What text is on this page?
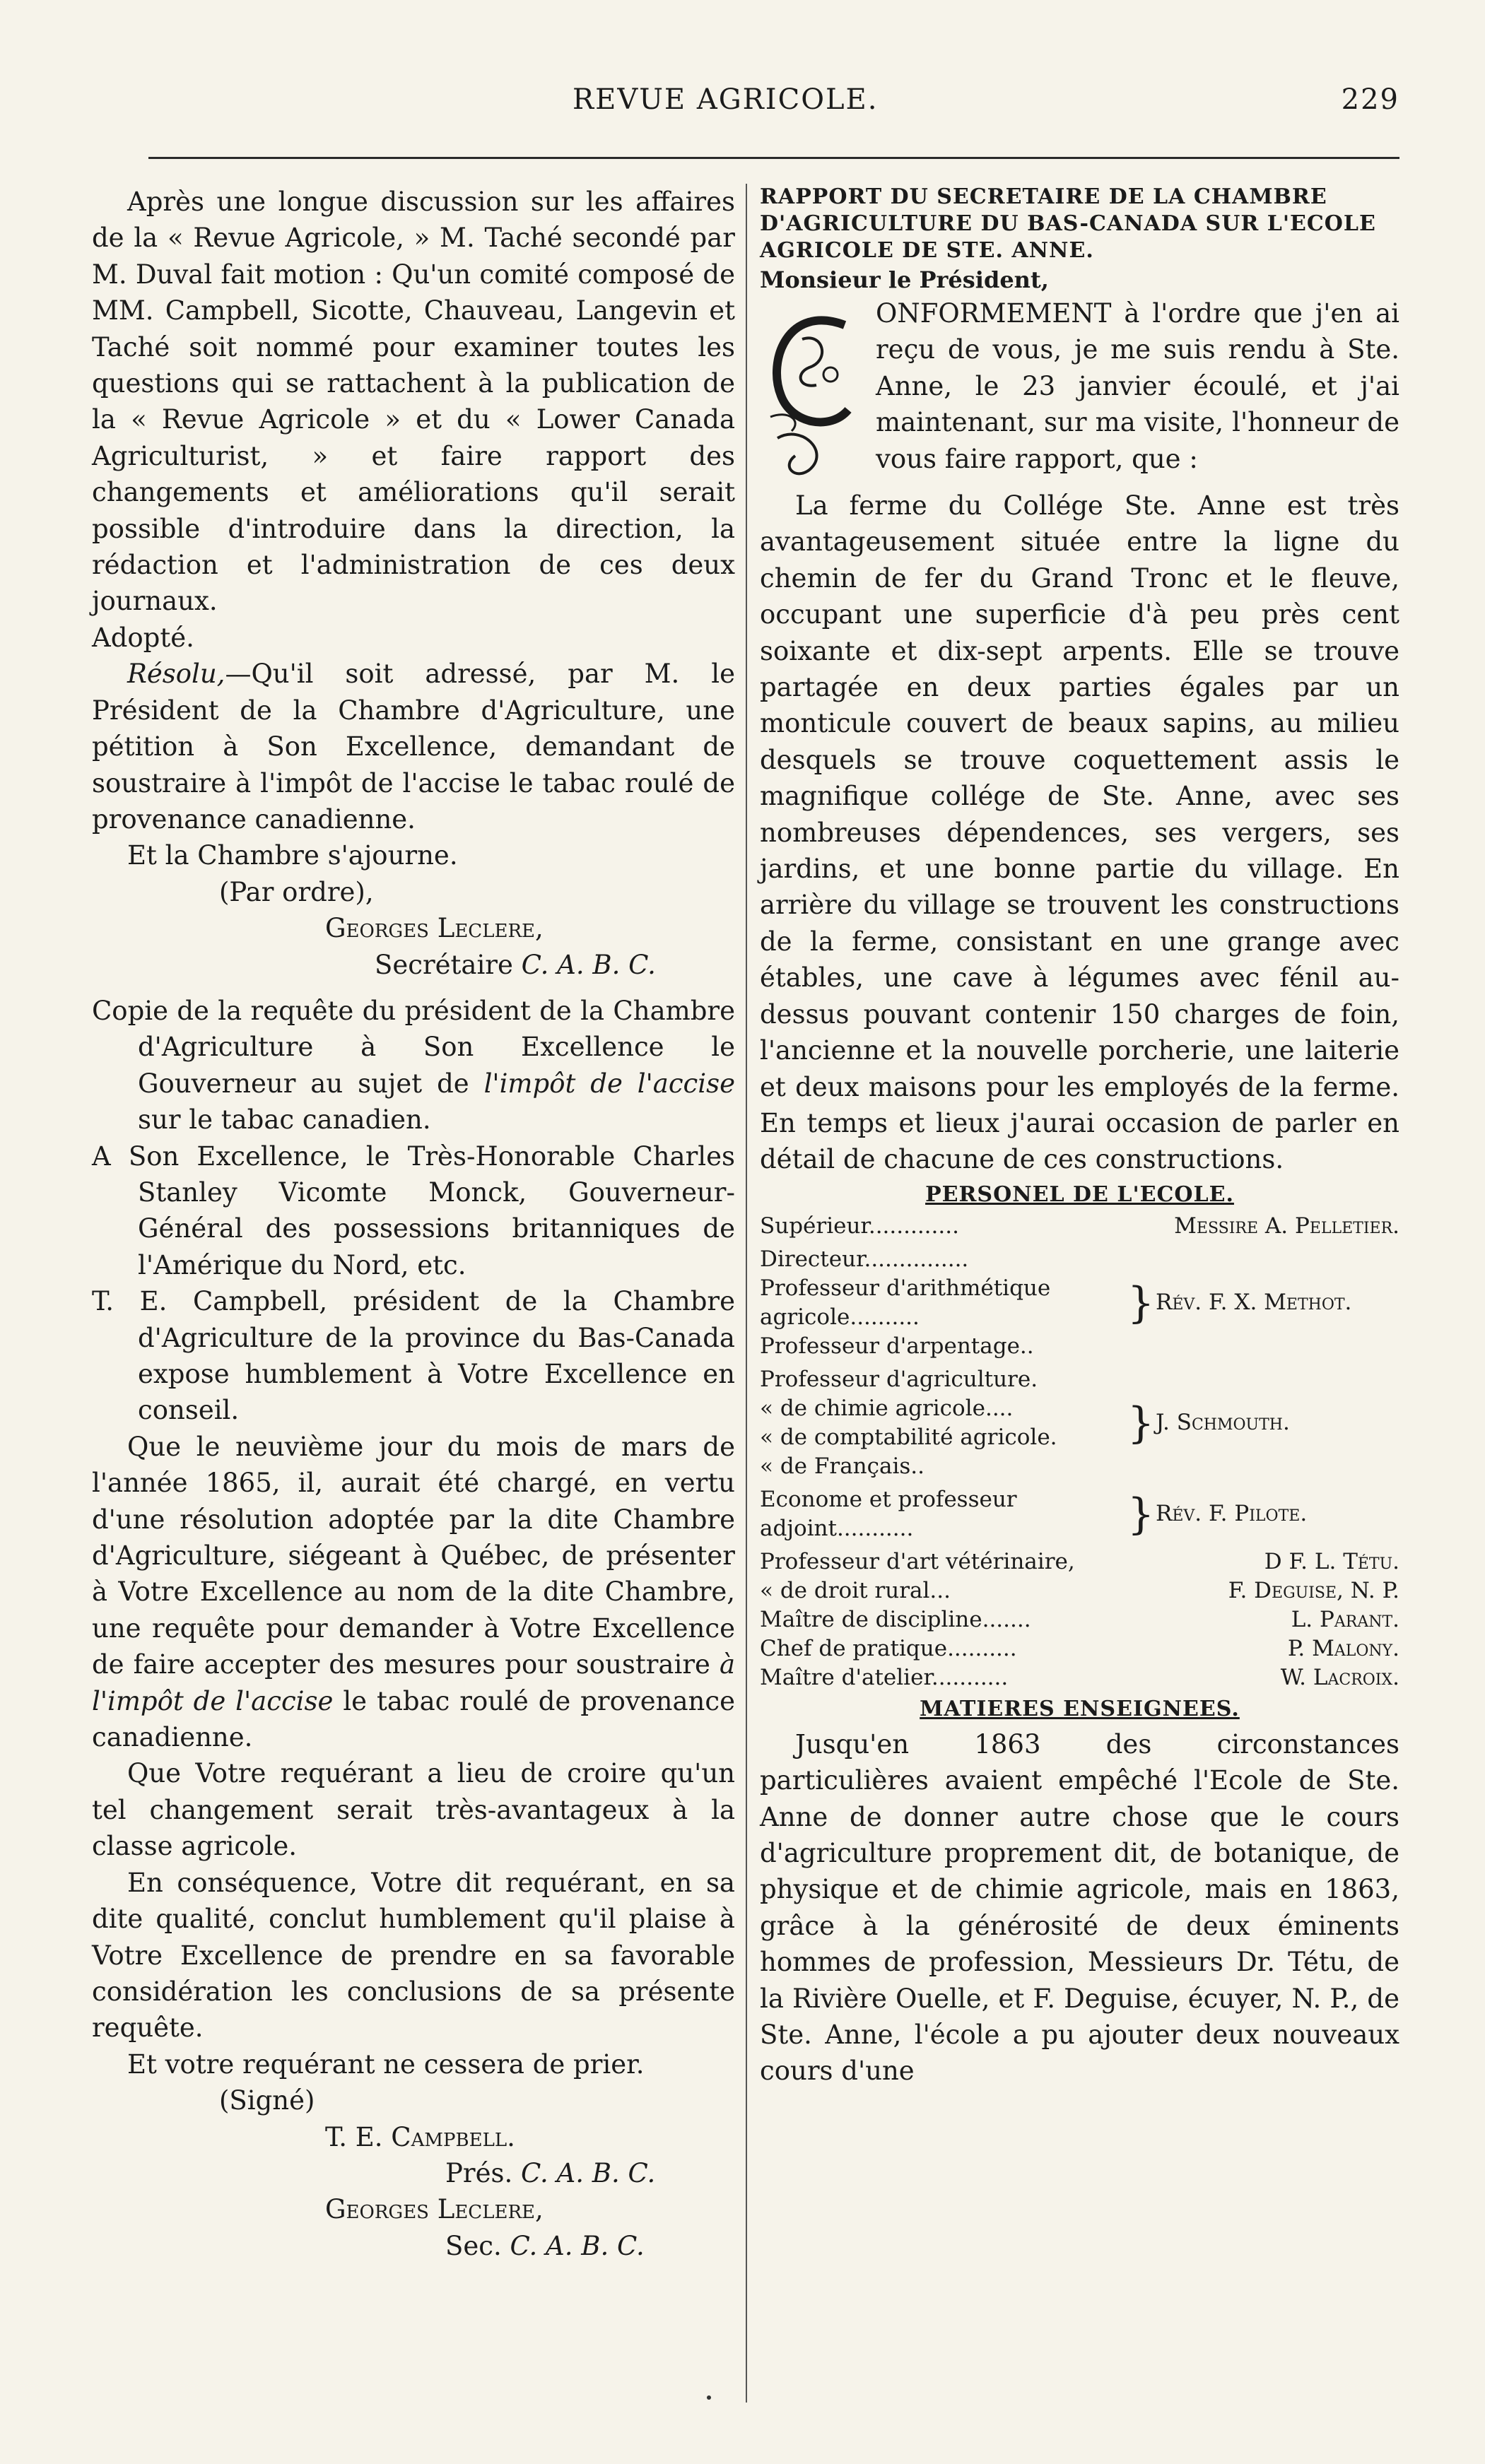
REVUE AGRICOLE.	229

Après une longue discussion sur les affaires de la « Revue Agricole, » M. Taché secondé par M. Duval fait motion : Qu'un comité composé de MM. Campbell, Sicotte, Chauveau, Langevin et Taché soit nommé pour examiner toutes les questions qui se rattachent à la publication de la « Revue Agricole » et du « Lower Canada Agriculturist, » et faire rapport des changements et améliorations qu'il serait possible d'introduire dans la direction, la rédaction et l'administration de ces deux journaux.

Adopté.

Résolu,—Qu'il soit adressé, par M. le Président de la Chambre d'Agriculture, une pétition à Son Excellence, demandant de soustraire à l'impôt de l'accise le tabac roulé de provenance canadienne.

Et la Chambre s'ajourne.

(Par ordre),

Georges Leclere,

Secrétaire C. A. B. C.

Copie de la requête du président de la Chambre d'Agriculture à Son Excellence le Gouverneur au sujet de l'impôt de l'accise sur le tabac canadien.

A Son Excellence, le Très-Honorable Charles Stanley Vicomte Monck, Gouverneur-Général des possessions britanniques de l'Amérique du Nord, etc.

T. E. Campbell, président de la Chambre d'Agriculture de la province du Bas-Canada expose humblement à Votre Excellence en conseil.

Que le neuvième jour du mois de mars de l'année 1865, il, aurait été chargé, en vertu d'une résolution adoptée par la dite Chambre d'Agriculture, siégeant à Québec, de présenter à Votre Excellence au nom de la dite Chambre, une requête pour demander à Votre Excellence de faire accepter des mesures pour soustraire à l'impôt de l'accise le tabac roulé de provenance canadienne.

Que Votre requérant a lieu de croire qu'un tel changement serait très-avantageux à la classe agricole.

En conséquence, Votre dit requérant, en sa dite qualité, conclut humblement qu'il plaise à Votre Excellence de prendre en sa favorable considération les conclusions de sa présente requête.

Et votre requérant ne cessera de prier.

(Signé)

T. E. Campbell.

Prés. C. A. B. C.

Georges Leclere,

Sec. C. A. B. C.

RAPPORT DU SECRETAIRE DE LA CHAMBRE D'AGRICULTURE DU BAS-CANADA SUR L'ECOLE AGRICOLE DE STE. ANNE.

Monsieur le Président,

ONFORMEMENT à l'ordre que j'en ai reçu de vous, je me suis rendu à Ste. Anne, le 23 janvier écoulé, et j'ai maintenant, sur ma visite, l'honneur de vous faire rapport, que :

La ferme du Collége Ste. Anne est très avantageusement située entre la ligne du chemin de fer du Grand Tronc et le fleuve, occupant une superficie d'à peu près cent soixante et dix-sept arpents. Elle se trouve partagée en deux parties égales par un monticule couvert de beaux sapins, au milieu desquels se trouve coquettement assis le magnifique collége de Ste. Anne, avec ses nombreuses dépendences, ses vergers, ses jardins, et une bonne partie du village. En arrière du village se trouvent les constructions de la ferme, consistant en une grange avec étables, une cave à légumes avec fénil au-dessus pouvant contenir 150 charges de foin, l'ancienne et la nouvelle porcherie, une laiterie et deux maisons pour les employés de la ferme. En temps et lieux j'aurai occasion de parler en détail de chacune de ces constructions.

PERSONEL DE L'ECOLE.

Supérieur.............	Messire A. Pelletier.
Directeur...............
Professeur d'arithmétique agricole..........
Professeur d'arpentage..
} Rév. F. X. Methot.
Professeur d'agriculture.
« de chimie agricole....
« de comptabilité agricole.
« de Français..
} J. Schmouth.
Econome et professeur adjoint...........	} Rév. F. Pilote.
Professeur d'art vétérinaire,	D F. L. Tétu.
« de droit rural...	F. Deguise, N. P.
Maître de discipline.......	L. Parant.
Chef de pratique..........	P. Malony.
Maître d'atelier...........	W. Lacroix.

MATIERES ENSEIGNEES.

Jusqu'en 1863 des circonstances particulières avaient empêché l'Ecole de Ste. Anne de donner autre chose que le cours d'agriculture proprement dit, de botanique, de physique et de chimie agricole, mais en 1863, grâce à la générosité de deux éminents hommes de profession, Messieurs Dr. Tétu, de la Rivière Ouelle, et F. Deguise, écuyer, N. P., de Ste. Anne, l'école a pu ajouter deux nouveaux cours d'une
